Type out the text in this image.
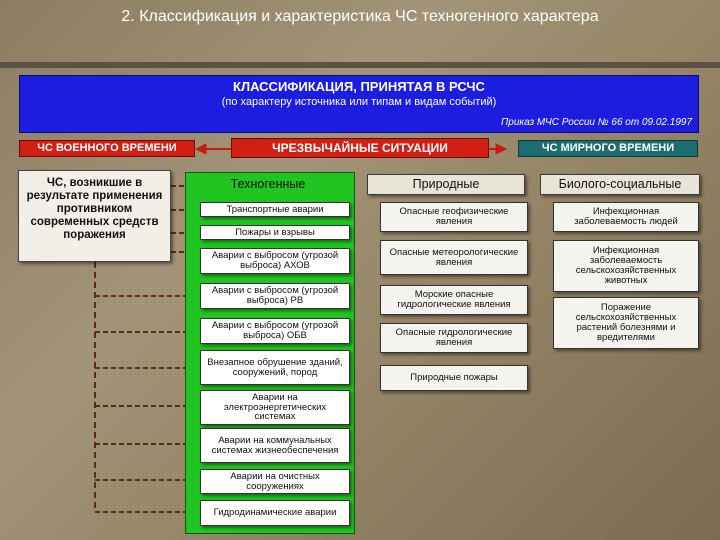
2. Классификация и характеристика ЧС техногенного характера
КЛАССИФИКАЦИЯ, ПРИНЯТАЯ В РСЧС
(по характеру источника или типам и видам событий)
Приказ МЧС России № 66 от 09.02.1997
ЧС ВОЕННОГО ВРЕМЕНИ	ЧРЕЗВЫЧАЙНЫЕ СИТУАЦИИ	ЧС МИРНОГО ВРЕМЕНИ
ЧС, возникшие в результате применения противником современных средств поражения
Техногенные	Природные	Биолого-социальные
Транспортные аварии
Пожары и взрывы
Аварии с выбросом (угрозой выброса) АХОВ
Аварии с выбросом (угрозой выброса) РВ
Аварии с выбросом (угрозой выброса) ОБВ
Внезапное обрушение зданий, сооружений, пород
Аварии на электроэнергетических системах
Аварии на коммунальных системах жизнеобеспечения
Аварии на очистных сооружениях
Гидродинамические аварии
Опасные геофизические явления
Опасные метеорологические явления
Морские опасные гидрологические явления
Опасные гидрологические явления
Природные пожары
Инфекционная заболеваемость людей
Инфекционная заболеваемость сельскохозяйственных животных
Поражение сельскохозяйственных растений болезнями и вредителями
